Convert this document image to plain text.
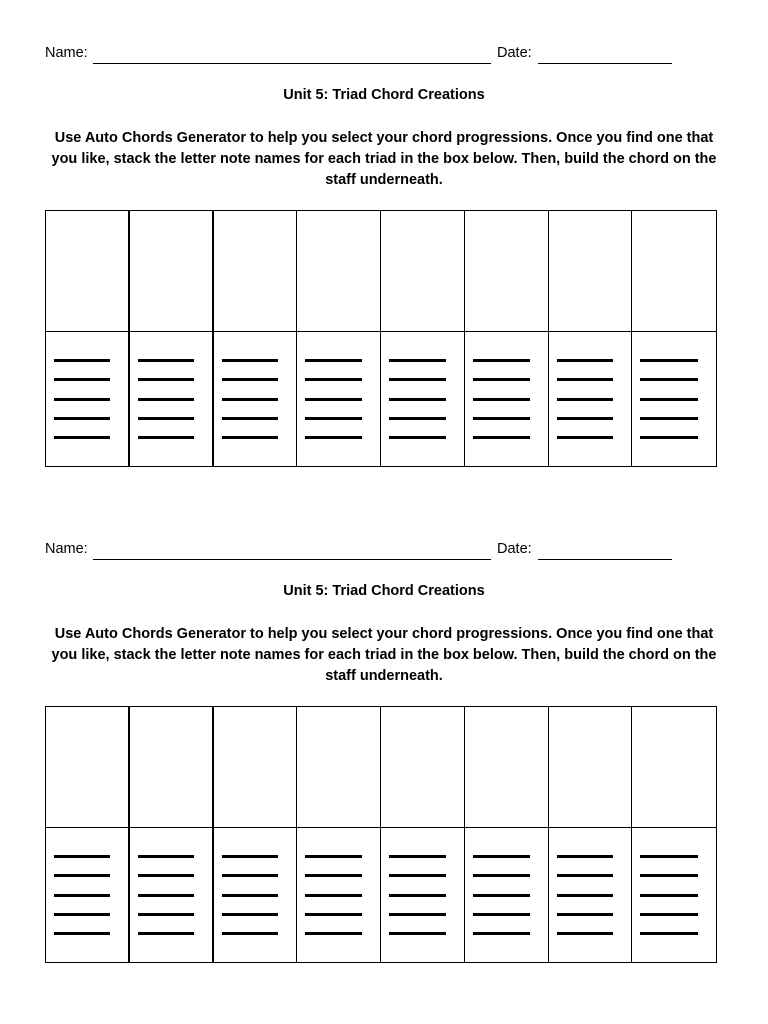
Name:	Date:
Unit 5: Triad Chord Creations
Use Auto Chords Generator to help you select your chord progressions. Once you find one that you like, stack the letter note names for each triad in the box below. Then, build the chord on the staff underneath.
Name:	Date:
Unit 5: Triad Chord Creations
Use Auto Chords Generator to help you select your chord progressions. Once you find one that you like, stack the letter note names for each triad in the box below. Then, build the chord on the staff underneath.
